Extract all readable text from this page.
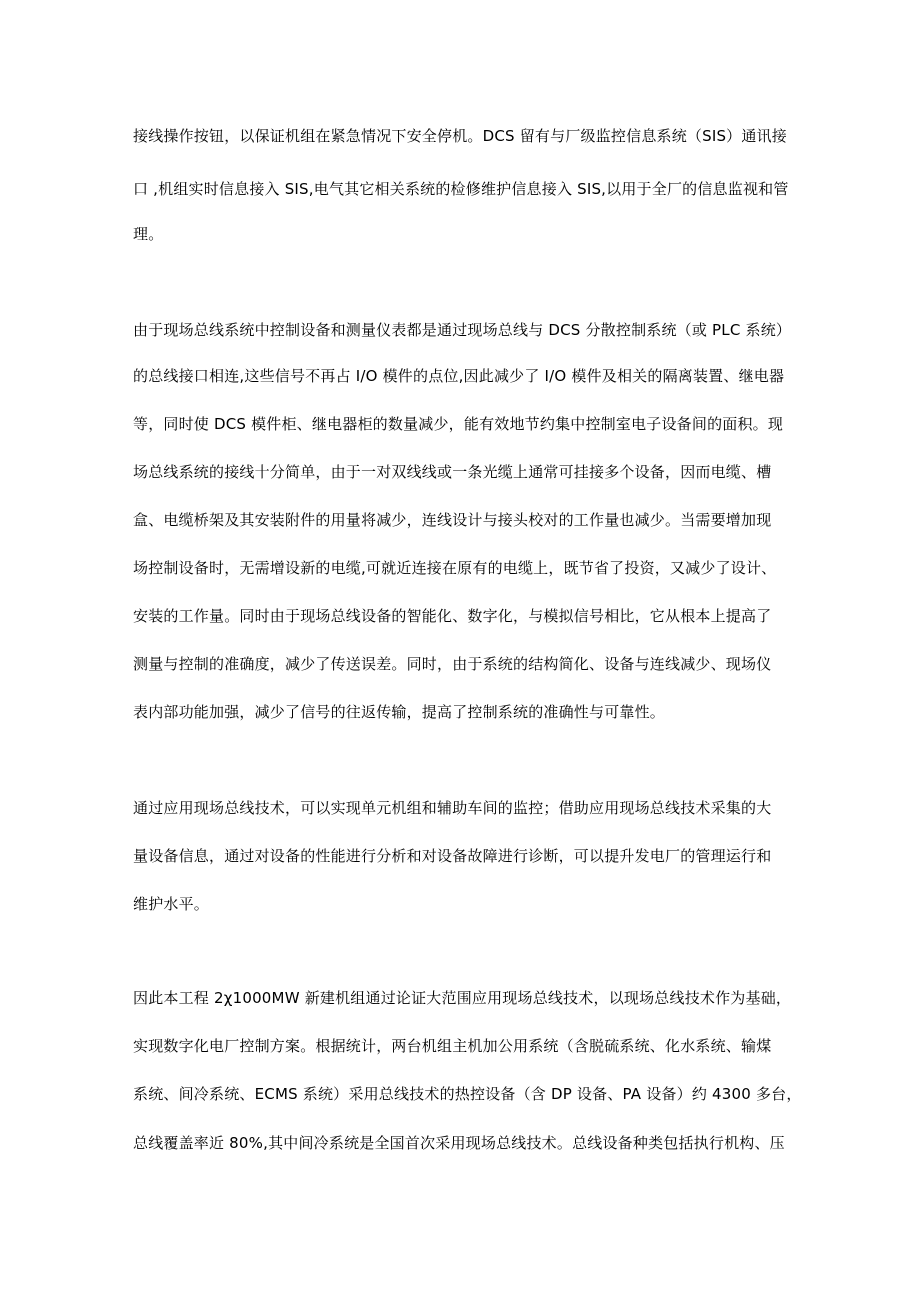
接线操作按钮，以保证机组在紧急情况下安全停机。DCS 留有与厂级监控信息系统（SIS）通讯接
口 ,机组实时信息接入 SIS,电气其它相关系统的检修维护信息接入 SIS,以用于全厂的信息监视和管
理。
由于现场总线系统中控制设备和测量仪表都是通过现场总线与 DCS 分散控制系统（或 PLC 系统）
的总线接口相连,这些信号不再占 I/O 模件的点位,因此减少了 I/O 模件及相关的隔离装置、继电器
等，同时使 DCS 模件柜、继电器柜的数量减少，能有效地节约集中控制室电子设备间的面积。现
场总线系统的接线十分简单，由于一对双线线或一条光缆上通常可挂接多个设备，因而电缆、槽
盒、电缆桥架及其安装附件的用量将减少，连线设计与接头校对的工作量也减少。当需要增加现
场控制设备时，无需增设新的电缆,可就近连接在原有的电缆上，既节省了投资，又减少了设计、
安装的工作量。同时由于现场总线设备的智能化、数字化，与模拟信号相比，它从根本上提高了
测量与控制的准确度，减少了传送误差。同时，由于系统的结构简化、设备与连线减少、现场仪
表内部功能加强，减少了信号的往返传输，提高了控制系统的准确性与可靠性。
通过应用现场总线技术，可以实现单元机组和辅助车间的监控；借助应用现场总线技术采集的大
量设备信息，通过对设备的性能进行分析和对设备故障进行诊断，可以提升发电厂的管理运行和
维护水平。
因此本工程 2χ1000MW 新建机组通过论证大范围应用现场总线技术，以现场总线技术作为基础，
实现数字化电厂控制方案。根据统计，两台机组主机加公用系统（含脱硫系统、化水系统、输煤
系统、间冷系统、ECMS 系统）采用总线技术的热控设备（含 DP 设备、PA 设备）约 4300 多台，
总线覆盖率近 80%,其中间冷系统是全国首次采用现场总线技术。总线设备种类包括执行机构、压
